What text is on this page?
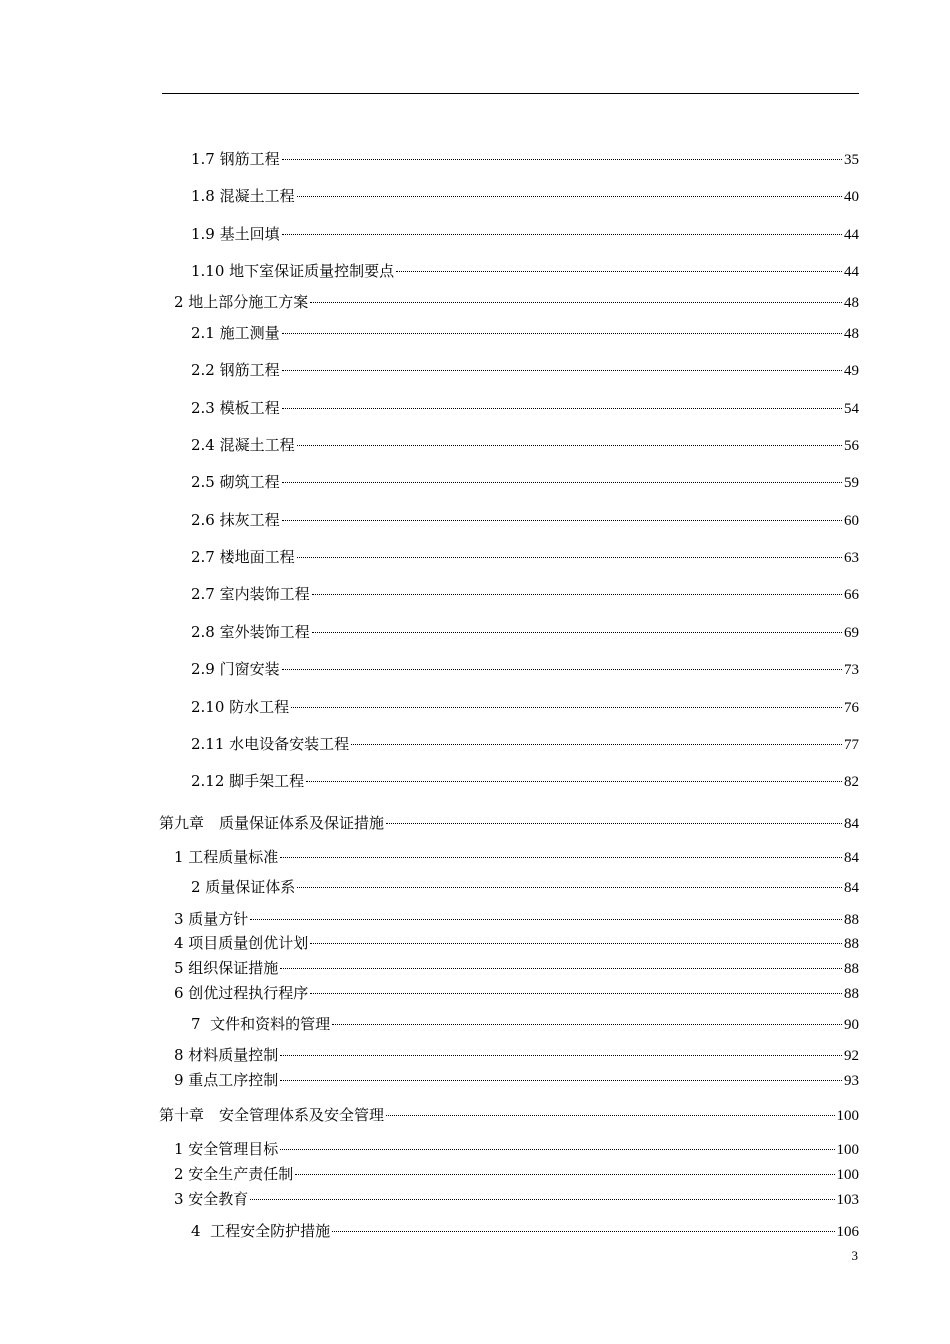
1.7 钢筋工程	35
1.8 混凝土工程	40
1.9 基土回填	44
1.10 地下室保证质量控制要点	44
2 地上部分施工方案	48
2.1 施工测量	48
2.2 钢筋工程	49
2.3 模板工程	54
2.4 混凝土工程	56
2.5 砌筑工程	59
2.6 抹灰工程	60
2.7 楼地面工程	63
2.7 室内装饰工程	66
2.8 室外装饰工程	69
2.9 门窗安装	73
2.10 防水工程	76
2.11 水电设备安装工程	77
2.12 脚手架工程	82
第九章　质量保证体系及保证措施	84
1 工程质量标准	84
2 质量保证体系	84
3 质量方针	88
4 项目质量创优计划	88
5 组织保证措施	88
6 创优过程执行程序	88
7  文件和资料的管理	90
8 材料质量控制	92
9 重点工序控制	93
第十章　安全管理体系及安全管理	100
1 安全管理目标	100
2 安全生产责任制	100
3 安全教育	103
4  工程安全防护措施	106
3
